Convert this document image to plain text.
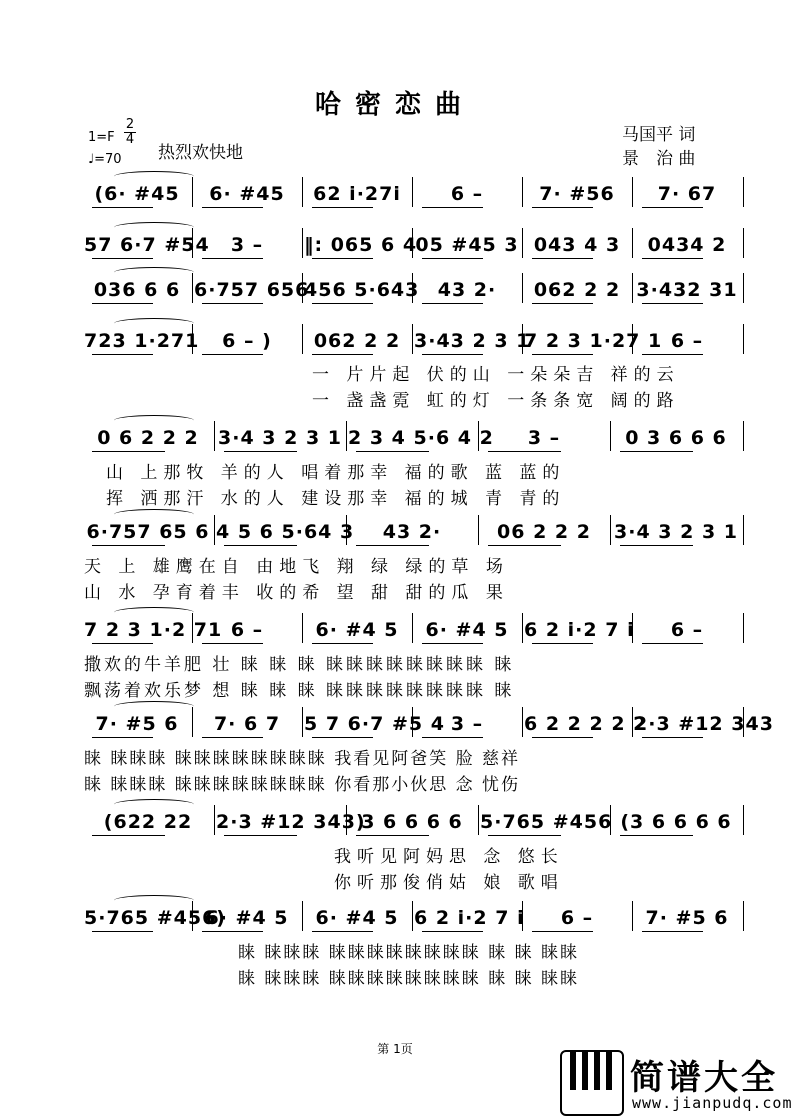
哈密恋曲
马国平 词
景　治 曲
1=F
2
4
♩=70 热烈欢快地
(6· #45	6· #45	62 i·27i	6 –	7· #56	7· 67
57 6·7 #54	3 –	‖: 065 6 4
05 #45 3 043 4 3	0434 2
036 6 6 6·757 656
456 5·643 43 2·	062 2 2 3·432 31
723 1·271	6 – )	062 2 2 3·43 2 3 1
7 2 3 1·27 1 6 –
0 6 2 2 2	3·4 3 2 3 1 2 3 4 5·6 4 2	3 –	0 3 6 6 6
6·757 65 6 4 5 6 5·64 3	43 2·	06 2 2 2	3·4 3 2 3 1
7 2 3 1·2 71 6 –	6· #4 5	6· #4 5 6 2 i·2 7 i	6 –
7· #5 6	7· 6 7	5 7 6·7 #5 4 3 –	6 2 2 2 2 2
2·3 #12 343
(622 22	2·3 #12 343)
3 6 6 6 6 5·765 #456 (3 6 6 6 6
5·765 #456)
6· #4 5	6· #4 5 6 2 i·2 7 i	6 –	7· #5 6
一 片片起 伏的山 一朵朵吉 祥的云
一 盏盏霓 虹的灯 一条条宽 阔的路
山 上那牧 羊的人 唱着那幸 福的歌 蓝 蓝的
挥 洒那汗 水的人 建设那幸 福的城 青 青的
天 上 雄鹰在自 由地飞 翔 绿 绿的草 场
山 水 孕育着丰 收的希 望 甜 甜的瓜 果
撒欢的牛羊肥 壮 睐 睐 睐 睐睐睐睐睐睐睐睐 睐
飘荡着欢乐梦 想 睐 睐 睐 睐睐睐睐睐睐睐睐 睐
睐 睐睐睐 睐睐睐睐睐睐睐睐 我看见阿爸笑 脸 慈祥
睐 睐睐睐 睐睐睐睐睐睐睐睐 你看那小伙思 念 忧伤
我听见阿妈思 念 悠长
你听那俊俏姑 娘 歌唱
睐 睐睐睐 睐睐睐睐睐睐睐睐 睐 睐 睐睐
睐 睐睐睐 睐睐睐睐睐睐睐睐 睐 睐 睐睐
第 1页
简谱大全
www.jianpudq.com
